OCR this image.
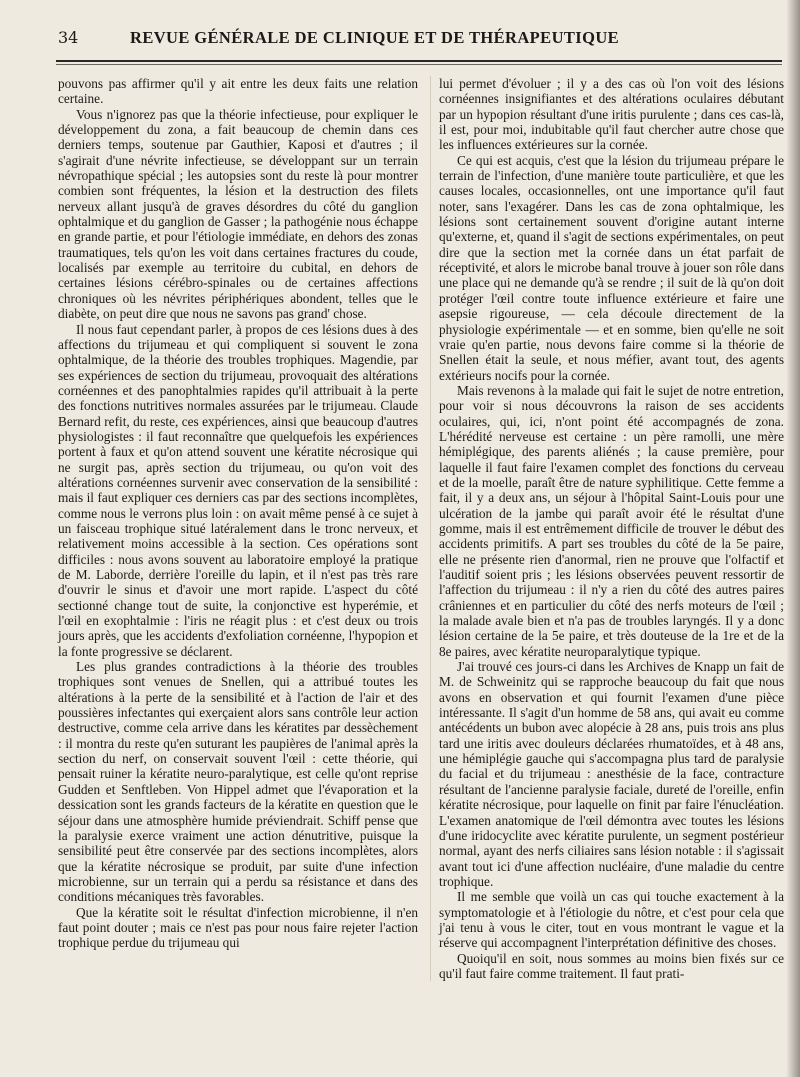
34	REVUE GÉNÉRALE DE CLINIQUE ET DE THÉRAPEUTIQUE

pouvons pas affirmer qu'il y ait entre les deux faits une relation certaine.

Vous n'ignorez pas que la théorie infectieuse, pour expliquer le développement du zona, a fait beaucoup de chemin dans ces derniers temps, soutenue par Gauthier, Kaposi et d'autres ; il s'agirait d'une névrite infectieuse, se développant sur un terrain névropathique spécial ; les autopsies sont du reste là pour montrer combien sont fréquentes, la lésion et la destruction des filets nerveux allant jusqu'à de graves désordres du côté du ganglion ophtalmique et du ganglion de Gasser ; la pathogénie nous échappe en grande partie, et pour l'étiologie immédiate, en dehors des zonas traumatiques, tels qu'on les voit dans certaines fractures du coude, localisés par exemple au territoire du cubital, en dehors de certaines lésions cérébro-spinales ou de certaines affections chroniques où les névrites périphériques abondent, telles que le diabète, on peut dire que nous ne savons pas grand' chose.

Il nous faut cependant parler, à propos de ces lésions dues à des affections du trijumeau et qui compliquent si souvent le zona ophtalmique, de la théorie des troubles trophiques. Magendie, par ses expériences de section du trijumeau, provoquait des altérations cornéennes et des panophtalmies rapides qu'il attribuait à la perte des fonctions nutritives normales assurées par le trijumeau. Claude Bernard refit, du reste, ces expériences, ainsi que beaucoup d'autres physiologistes : il faut reconnaître que quelquefois les expériences portent à faux et qu'on attend souvent une kératite nécrosique qui ne surgit pas, après section du trijumeau, ou qu'on voit des altérations cornéennes survenir avec conservation de la sensibilité : mais il faut expliquer ces derniers cas par des sections incomplètes, comme nous le verrons plus loin : on avait même pensé à ce sujet à un faisceau trophique situé latéralement dans le tronc nerveux, et relativement moins accessible à la section. Ces opérations sont difficiles : nous avons souvent au laboratoire employé la pratique de M. Laborde, derrière l'oreille du lapin, et il n'est pas très rare d'ouvrir le sinus et d'avoir une mort rapide. L'aspect du côté sectionné change tout de suite, la conjonctive est hyperémie, et l'œil en exophtalmie : l'iris ne réagit plus : et c'est deux ou trois jours après, que les accidents d'exfoliation cornéenne, l'hypopion et la fonte progressive se déclarent.

Les plus grandes contradictions à la théorie des troubles trophiques sont venues de Snellen, qui a attribué toutes les altérations à la perte de la sensibilité et à l'action de l'air et des poussières infectantes qui exerçaient alors sans contrôle leur action destructive, comme cela arrive dans les kératites par dessèchement : il montra du reste qu'en suturant les paupières de l'animal après la section du nerf, on conservait souvent l'œil : cette théorie, qui pensait ruiner la kératite neuro-paralytique, est celle qu'ont reprise Gudden et Senftleben. Von Hippel admet que l'évaporation et la dessication sont les grands facteurs de la kératite en question que le séjour dans une atmosphère humide préviendrait. Schiff pense que la paralysie exerce vraiment une action dénutritive, puisque la sensibilité peut être conservée par des sections incomplètes, alors que la kératite nécrosique se produit, par suite d'une infection microbienne, sur un terrain qui a perdu sa résistance et dans des conditions mécaniques très favorables.

Que la kératite soit le résultat d'infection microbienne, il n'en faut point douter ; mais ce n'est pas pour nous faire rejeter l'action trophique perdue du trijumeau qui

lui permet d'évoluer ; il y a des cas où l'on voit des lésions cornéennes insignifiantes et des altérations oculaires débutant par un hypopion résultant d'une iritis purulente ; dans ces cas-là, il est, pour moi, indubitable qu'il faut chercher autre chose que les influences extérieures sur la cornée.

Ce qui est acquis, c'est que la lésion du trijumeau prépare le terrain de l'infection, d'une manière toute particulière, et que les causes locales, occasionnelles, ont une importance qu'il faut noter, sans l'exagérer. Dans les cas de zona ophtalmique, les lésions sont certainement souvent d'origine autant interne qu'externe, et, quand il s'agit de sections expérimentales, on peut dire que la section met la cornée dans un état parfait de réceptivité, et alors le microbe banal trouve à jouer son rôle dans une place qui ne demande qu'à se rendre ; il suit de là qu'on doit protéger l'œil contre toute influence extérieure et faire une asepsie rigoureuse, — cela découle directement de la physiologie expérimentale — et en somme, bien qu'elle ne soit vraie qu'en partie, nous devons faire comme si la théorie de Snellen était la seule, et nous méfier, avant tout, des agents extérieurs nocifs pour la cornée.

Mais revenons à la malade qui fait le sujet de notre entretion, pour voir si nous découvrons la raison de ses accidents oculaires, qui, ici, n'ont point été accompagnés de zona. L'hérédité nerveuse est certaine : un père ramolli, une mère hémiplégique, des parents aliénés ; la cause première, pour laquelle il faut faire l'examen complet des fonctions du cerveau et de la moelle, paraît être de nature syphilitique. Cette femme a fait, il y a deux ans, un séjour à l'hôpital Saint-Louis pour une ulcération de la jambe qui paraît avoir été le résultat d'une gomme, mais il est entrêmement difficile de trouver le début des accidents primitifs. A part ses troubles du côté de la 5e paire, elle ne présente rien d'anormal, rien ne prouve que l'olfactif et l'auditif soient pris ; les lésions observées peuvent ressortir de l'affection du trijumeau : il n'y a rien du côté des autres paires crâniennes et en particulier du côté des nerfs moteurs de l'œil ; la malade avale bien et n'a pas de troubles laryngés. Il y a donc lésion certaine de la 5e paire, et très douteuse de la 1re et de la 8e paires, avec kératite neuroparalytique typique.

J'ai trouvé ces jours-ci dans les Archives de Knapp un fait de M. de Schweinitz qui se rapproche beaucoup du fait que nous avons en observation et qui fournit l'examen d'une pièce intéressante. Il s'agit d'un homme de 58 ans, qui avait eu comme antécédents un bubon avec alopécie à 28 ans, puis trois ans plus tard une iritis avec douleurs déclarées rhumatoïdes, et à 48 ans, une hémiplégie gauche qui s'accompagna plus tard de paralysie du facial et du trijumeau : anesthésie de la face, contracture résultant de l'ancienne paralysie faciale, dureté de l'oreille, enfin kératite nécrosique, pour laquelle on finit par faire l'énucléation. L'examen anatomique de l'œil démontra avec toutes les lésions d'une iridocyclite avec kératite purulente, un segment postérieur normal, ayant des nerfs ciliaires sans lésion notable : il s'agissait avant tout ici d'une affection nucléaire, d'une maladie du centre trophique.

Il me semble que voilà un cas qui touche exactement à la symptomatologie et à l'étiologie du nôtre, et c'est pour cela que j'ai tenu à vous le citer, tout en vous montrant le vague et la réserve qui accompagnent l'interprétation définitive des choses.

Quoiqu'il en soit, nous sommes au moins bien fixés sur ce qu'il faut faire comme traitement. Il faut prati-
